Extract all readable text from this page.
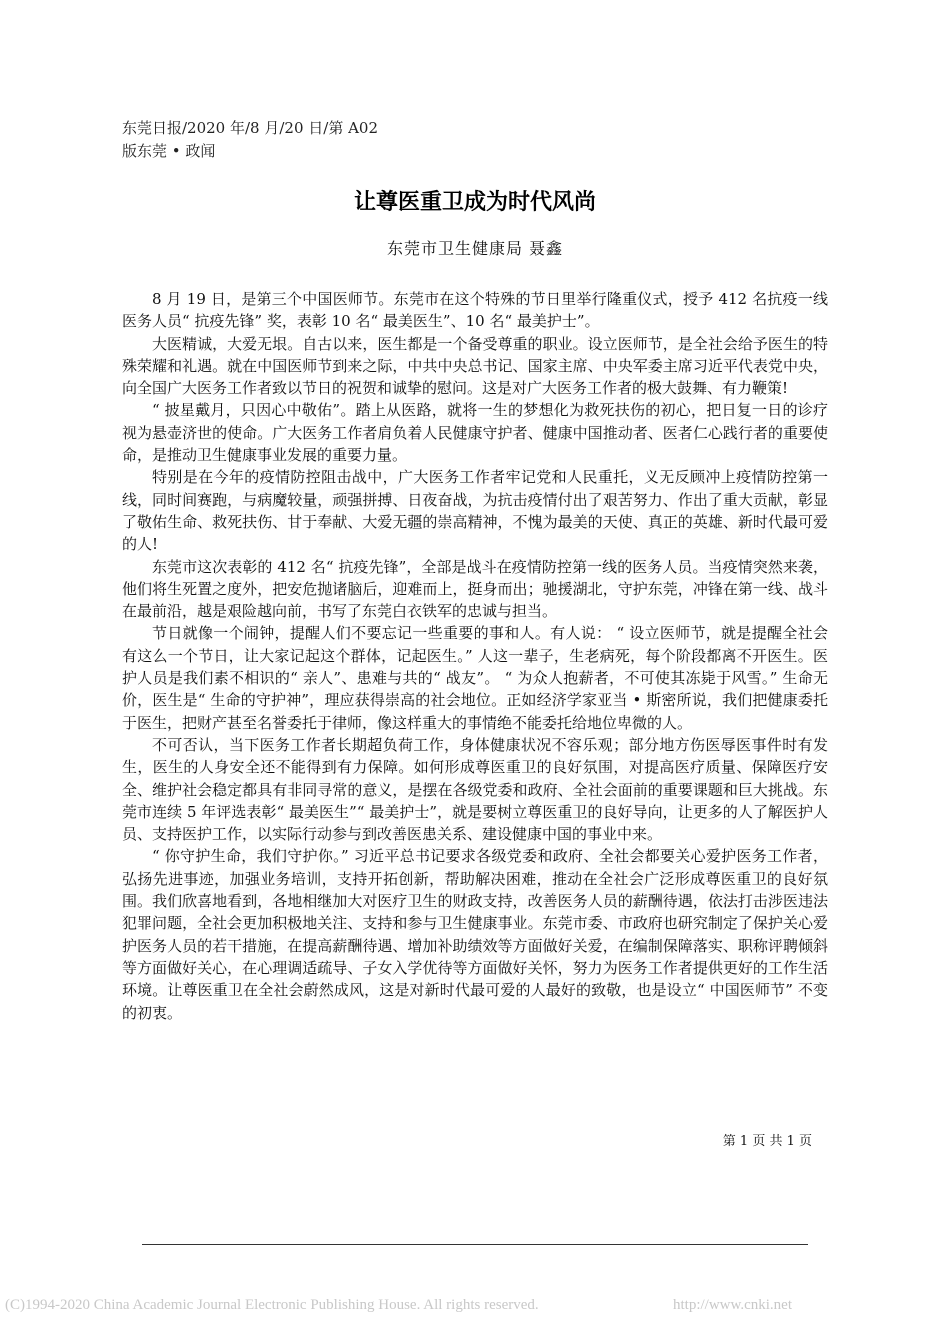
东莞日报/2020 年/8 月/20 日/第 A02
版东莞 • 政闻
让尊医重卫成为时代风尚
东莞市卫生健康局 聂鑫

8 月 19 日，是第三个中国医师节。东莞市在这个特殊的节日里举行隆重仪式，授予 412 名抗疫一线医务人员“ 抗疫先锋” 奖，表彰 10 名“ 最美医生”、10 名“ 最美护士”。

大医精诚，大爱无垠。自古以来，医生都是一个备受尊重的职业。设立医师节，是全社会给予医生的特殊荣耀和礼遇。就在中国医师节到来之际，中共中央总书记、国家主席、中央军委主席习近平代表党中央，向全国广大医务工作者致以节日的祝贺和诚挚的慰问。这是对广大医务工作者的极大鼓舞、有力鞭策!

“ 披星戴月，只因心中敬佑”。踏上从医路，就将一生的梦想化为救死扶伤的初心，把日复一日的诊疗视为悬壶济世的使命。广大医务工作者肩负着人民健康守护者、健康中国推动者、医者仁心践行者的重要使命，是推动卫生健康事业发展的重要力量。

特别是在今年的疫情防控阻击战中，广大医务工作者牢记党和人民重托，义无反顾冲上疫情防控第一线，同时间赛跑，与病魔较量，顽强拼搏、日夜奋战，为抗击疫情付出了艰苦努力、作出了重大贡献，彰显了敬佑生命、救死扶伤、甘于奉献、大爱无疆的崇高精神，不愧为最美的天使、真正的英雄、新时代最可爱的人!

东莞市这次表彰的 412 名“ 抗疫先锋”，全部是战斗在疫情防控第一线的医务人员。当疫情突然来袭，他们将生死置之度外，把安危抛诸脑后，迎难而上，挺身而出；驰援湖北，守护东莞，冲锋在第一线、战斗在最前沿，越是艰险越向前，书写了东莞白衣铁军的忠诚与担当。

节日就像一个闹钟，提醒人们不要忘记一些重要的事和人。有人说： “ 设立医师节，就是提醒全社会有这么一个节日，让大家记起这个群体，记起医生。” 人这一辈子，生老病死，每个阶段都离不开医生。医护人员是我们素不相识的“ 亲人”、患难与共的“ 战友”。 “ 为众人抱薪者，不可使其冻毙于风雪。” 生命无价，医生是“ 生命的守护神”，理应获得崇高的社会地位。正如经济学家亚当 • 斯密所说，我们把健康委托于医生，把财产甚至名誉委托于律师，像这样重大的事情绝不能委托给地位卑微的人。

不可否认，当下医务工作者长期超负荷工作，身体健康状况不容乐观；部分地方伤医辱医事件时有发生，医生的人身安全还不能得到有力保障。如何形成尊医重卫的良好氛围，对提高医疗质量、保障医疗安全、维护社会稳定都具有非同寻常的意义，是摆在各级党委和政府、全社会面前的重要课题和巨大挑战。东莞市连续 5 年评选表彰“ 最美医生”“ 最美护士”，就是要树立尊医重卫的良好导向，让更多的人了解医护人员、支持医护工作，以实际行动参与到改善医患关系、建设健康中国的事业中来。

“ 你守护生命，我们守护你。” 习近平总书记要求各级党委和政府、全社会都要关心爱护医务工作者，弘扬先进事迹，加强业务培训，支持开拓创新，帮助解决困难，推动在全社会广泛形成尊医重卫的良好氛围。我们欣喜地看到，各地相继加大对医疗卫生的财政支持，改善医务人员的薪酬待遇，依法打击涉医违法犯罪问题，全社会更加积极地关注、支持和参与卫生健康事业。东莞市委、市政府也研究制定了保护关心爱护医务人员的若干措施，在提高薪酬待遇、增加补助绩效等方面做好关爱，在编制保障落实、职称评聘倾斜等方面做好关心，在心理调适疏导、子女入学优待等方面做好关怀，努力为医务工作者提供更好的工作生活环境。让尊医重卫在全社会蔚然成风，这是对新时代最可爱的人最好的致敬，也是设立“ 中国医师节” 不变的初衷。

第 1 页 共 1 页
(C)1994-2020 China Academic Journal Electronic Publishing House. All rights reserved.	http://www.cnki.net
